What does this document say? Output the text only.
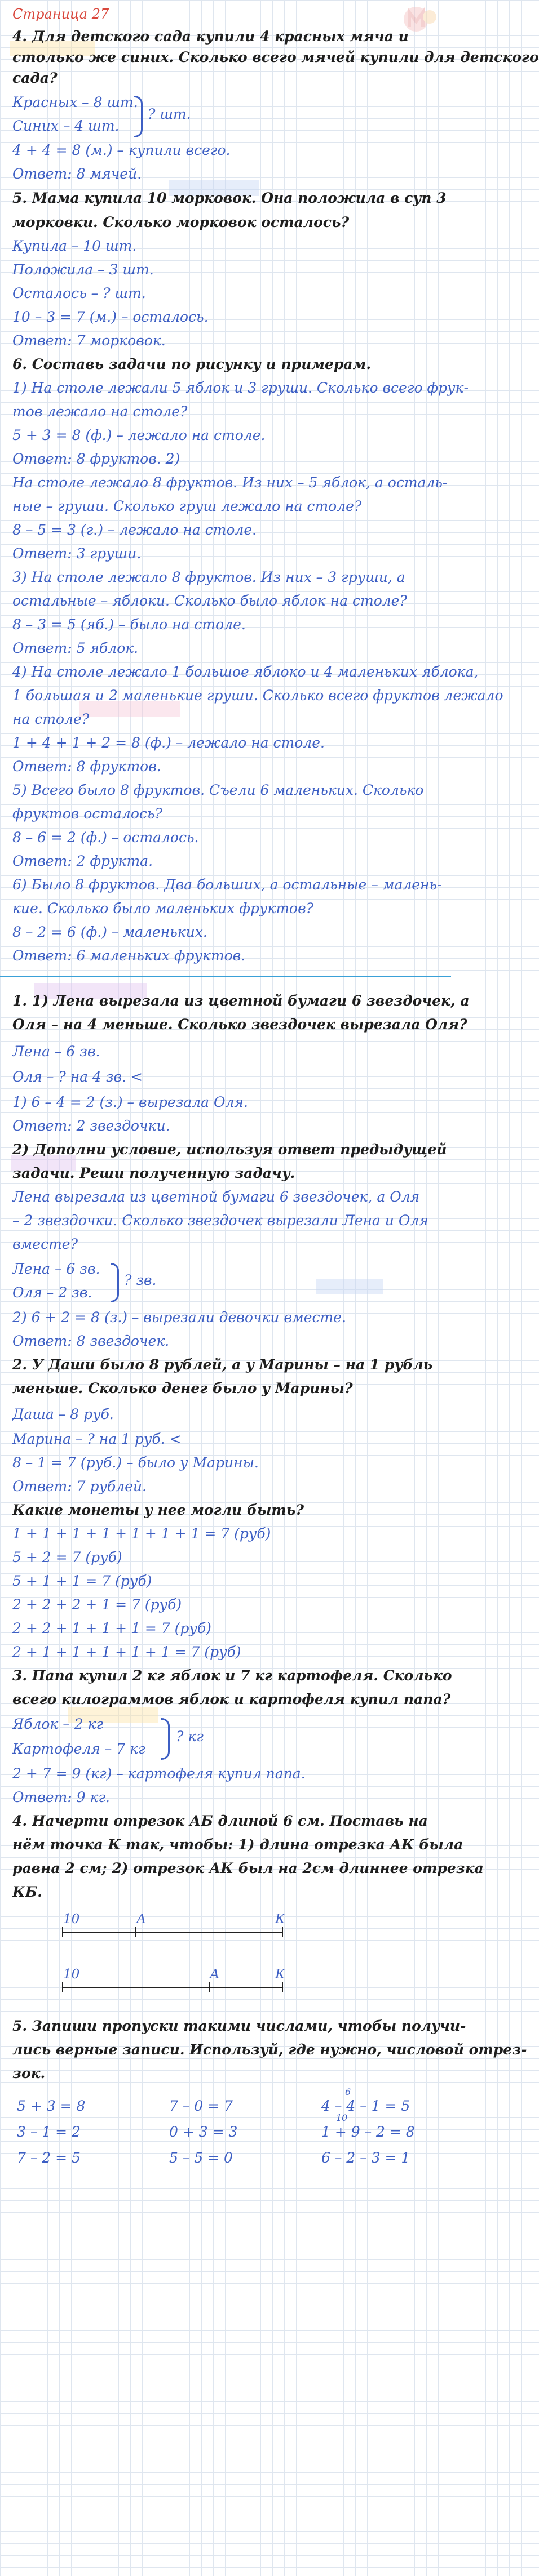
Страница 27
4. Для детского сада купили 4 красных мяча и
столько же синих. Сколько всего мячей купили для детского
сада?
Красных – 8 шт.
Синих – 4 шт.
? шт.
4 + 4 = 8 (м.) – купили всего.
Ответ: 8 мячей.
5. Мама купила 10 морковок. Она положила в суп 3
морковки. Сколько морковок осталось?
Купила – 10 шт.
Положила – 3 шт.
Осталось – ? шт.
10 – 3 = 7 (м.) – осталось.
Ответ: 7 морковок.
6. Составь задачи по рисунку и примерам.
1) На столе лежали 5 яблок и 3 груши. Сколько всего фрук-
тов лежало на столе?
5 + 3 = 8 (ф.) – лежало на столе.
Ответ: 8 фруктов. 2)
На столе лежало 8 фруктов. Из них – 5 яблок, а осталь-
ные – груши. Сколько груш лежало на столе?
8 – 5 = 3 (г.) – лежало на столе.
Ответ: 3 груши.
3) На столе лежало 8 фруктов. Из них – 3 груши, а
остальные – яблоки. Сколько было яблок на столе?
8 – 3 = 5 (яб.) – было на столе.
Ответ: 5 яблок.
4) На столе лежало 1 большое яблоко и 4 маленьких яблока,
1 большая и 2 маленькие груши. Сколько всего фруктов лежало
на столе?
1 + 4 + 1 + 2 = 8 (ф.) – лежало на столе.
Ответ: 8 фруктов.
5) Всего было 8 фруктов. Съели 6 маленьких. Сколько
фруктов осталось?
8 – 6 = 2 (ф.) – осталось.
Ответ: 2 фрукта.
6) Было 8 фруктов. Два больших, а остальные – малень-
кие. Сколько было маленьких фруктов?
8 – 2 = 6 (ф.) – маленьких.
Ответ: 6 маленьких фруктов.
1. 1) Лена вырезала из цветной бумаги 6 звездочек, а
Оля – на 4 меньше. Сколько звездочек вырезала Оля?
Лена – 6 зв.
Оля – ? на 4 зв. <
1) 6 – 4 = 2 (з.) – вырезала Оля.
Ответ: 2 звездочки.
2) Дополни условие, используя ответ предыдущей
задачи. Реши полученную задачу.
Лена вырезала из цветной бумаги 6 звездочек, а Оля
– 2 звездочки. Сколько звездочек вырезали Лена и Оля
вместе?
Лена – 6 зв.
Оля – 2 зв.
? зв.
2) 6 + 2 = 8 (з.) – вырезали девочки вместе.
Ответ: 8 звездочек.
2. У Даши было 8 рублей, а у Марины – на 1 рубль
меньше. Сколько денег было у Марины?
Даша – 8 руб.
Марина – ? на 1 руб. <
8 – 1 = 7 (руб.) – было у Марины.
Ответ: 7 рублей.
Какие монеты у нее могли быть?
1 + 1 + 1 + 1 + 1 + 1 + 1 = 7 (руб)
5 + 2 = 7 (руб)
5 + 1 + 1 = 7 (руб)
2 + 2 + 2 + 1 = 7 (руб)
2 + 2 + 1 + 1 + 1 = 7 (руб)
2 + 1 + 1 + 1 + 1 + 1 = 7 (руб)
3. Папа купил 2 кг яблок и 7 кг картофеля. Сколько
всего килограммов яблок и картофеля купил папа?
Яблок – 2 кг
Картофеля – 7 кг
? кг
2 + 7 = 9 (кг) – картофеля купил папа.
Ответ: 9 кг.
4. Начерти отрезок АБ длиной 6 см. Поставь на
нём точка К так, чтобы: 1) длина отрезка АК была
равна 2 см; 2) отрезок АК был на 2см длиннее отрезка
КБ.
10	А	К
10	А	К
5. Запиши пропуски такими числами, чтобы получи-
лись верные записи. Используй, где нужно, числовой отрез-
зок.
5 + 3 = 8	7 – 0 = 7	4 – 4 – 1 = 5
3 – 1 = 2	0 + 3 = 3	1 + 9 – 2 = 8
7 – 2 = 5	5 – 5 = 0	6 – 2 – 3 = 1
6
10
